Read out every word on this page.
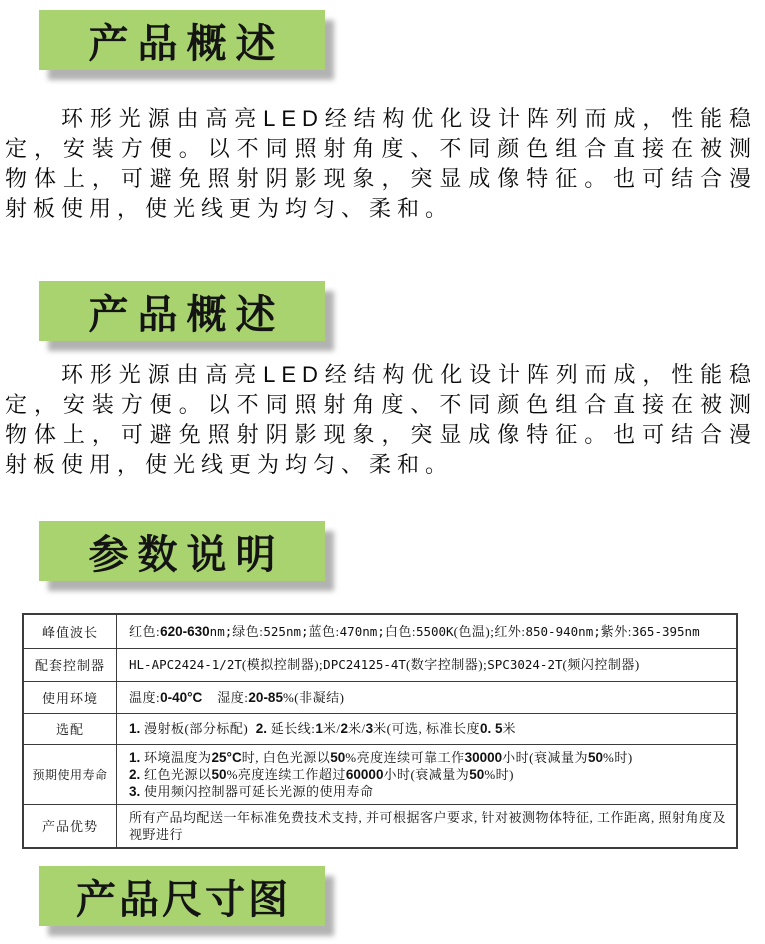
产品概述

环形光源由高亮LED经结构优化设计阵列而成，性能稳定，安装方便。以不同照射角度、不同颜色组合直接在被测物体上，可避免照射阴影现象，突显成像特征。也可结合漫射板使用，使光线更为均匀、柔和。

产品概述

环形光源由高亮LED经结构优化设计阵列而成，性能稳定，安装方便。以不同照射角度、不同颜色组合直接在被测物体上，可避免照射阴影现象，突显成像特征。也可结合漫射板使用，使光线更为均匀、柔和。

参数说明
峰值波长	红色:620-630nm;绿色:525nm;蓝色:470nm;白色:5500K(色温);红外:850-940nm;紫外:365-395nm

配套控制器	HL-APC2424-1/2T(模拟控制器);DPC24125-4T(数字控制器);SPC3024-2T(频闪控制器)

使用环境	温度:0-40°C    湿度:20-85%(非凝结)

选配	1. 漫射板(部分标配)  2. 延长线:1米/2米/3米(可选, 标准长度0. 5米

预期使用寿命	1. 环境温度为25°C时, 白色光源以50%亮度连续可靠工作30000小时(衰减量为50%时)
2. 红色光源以50%亮度连续工作超过60000小时(衰减量为50%时)
3. 使用频闪控制器可延长光源的使用寿命

产品优势	所有产品均配送一年标准免费技术支持, 并可根据客户要求, 针对被测物体特征, 工作距离, 照射角度及视野进行
产品尺寸图
